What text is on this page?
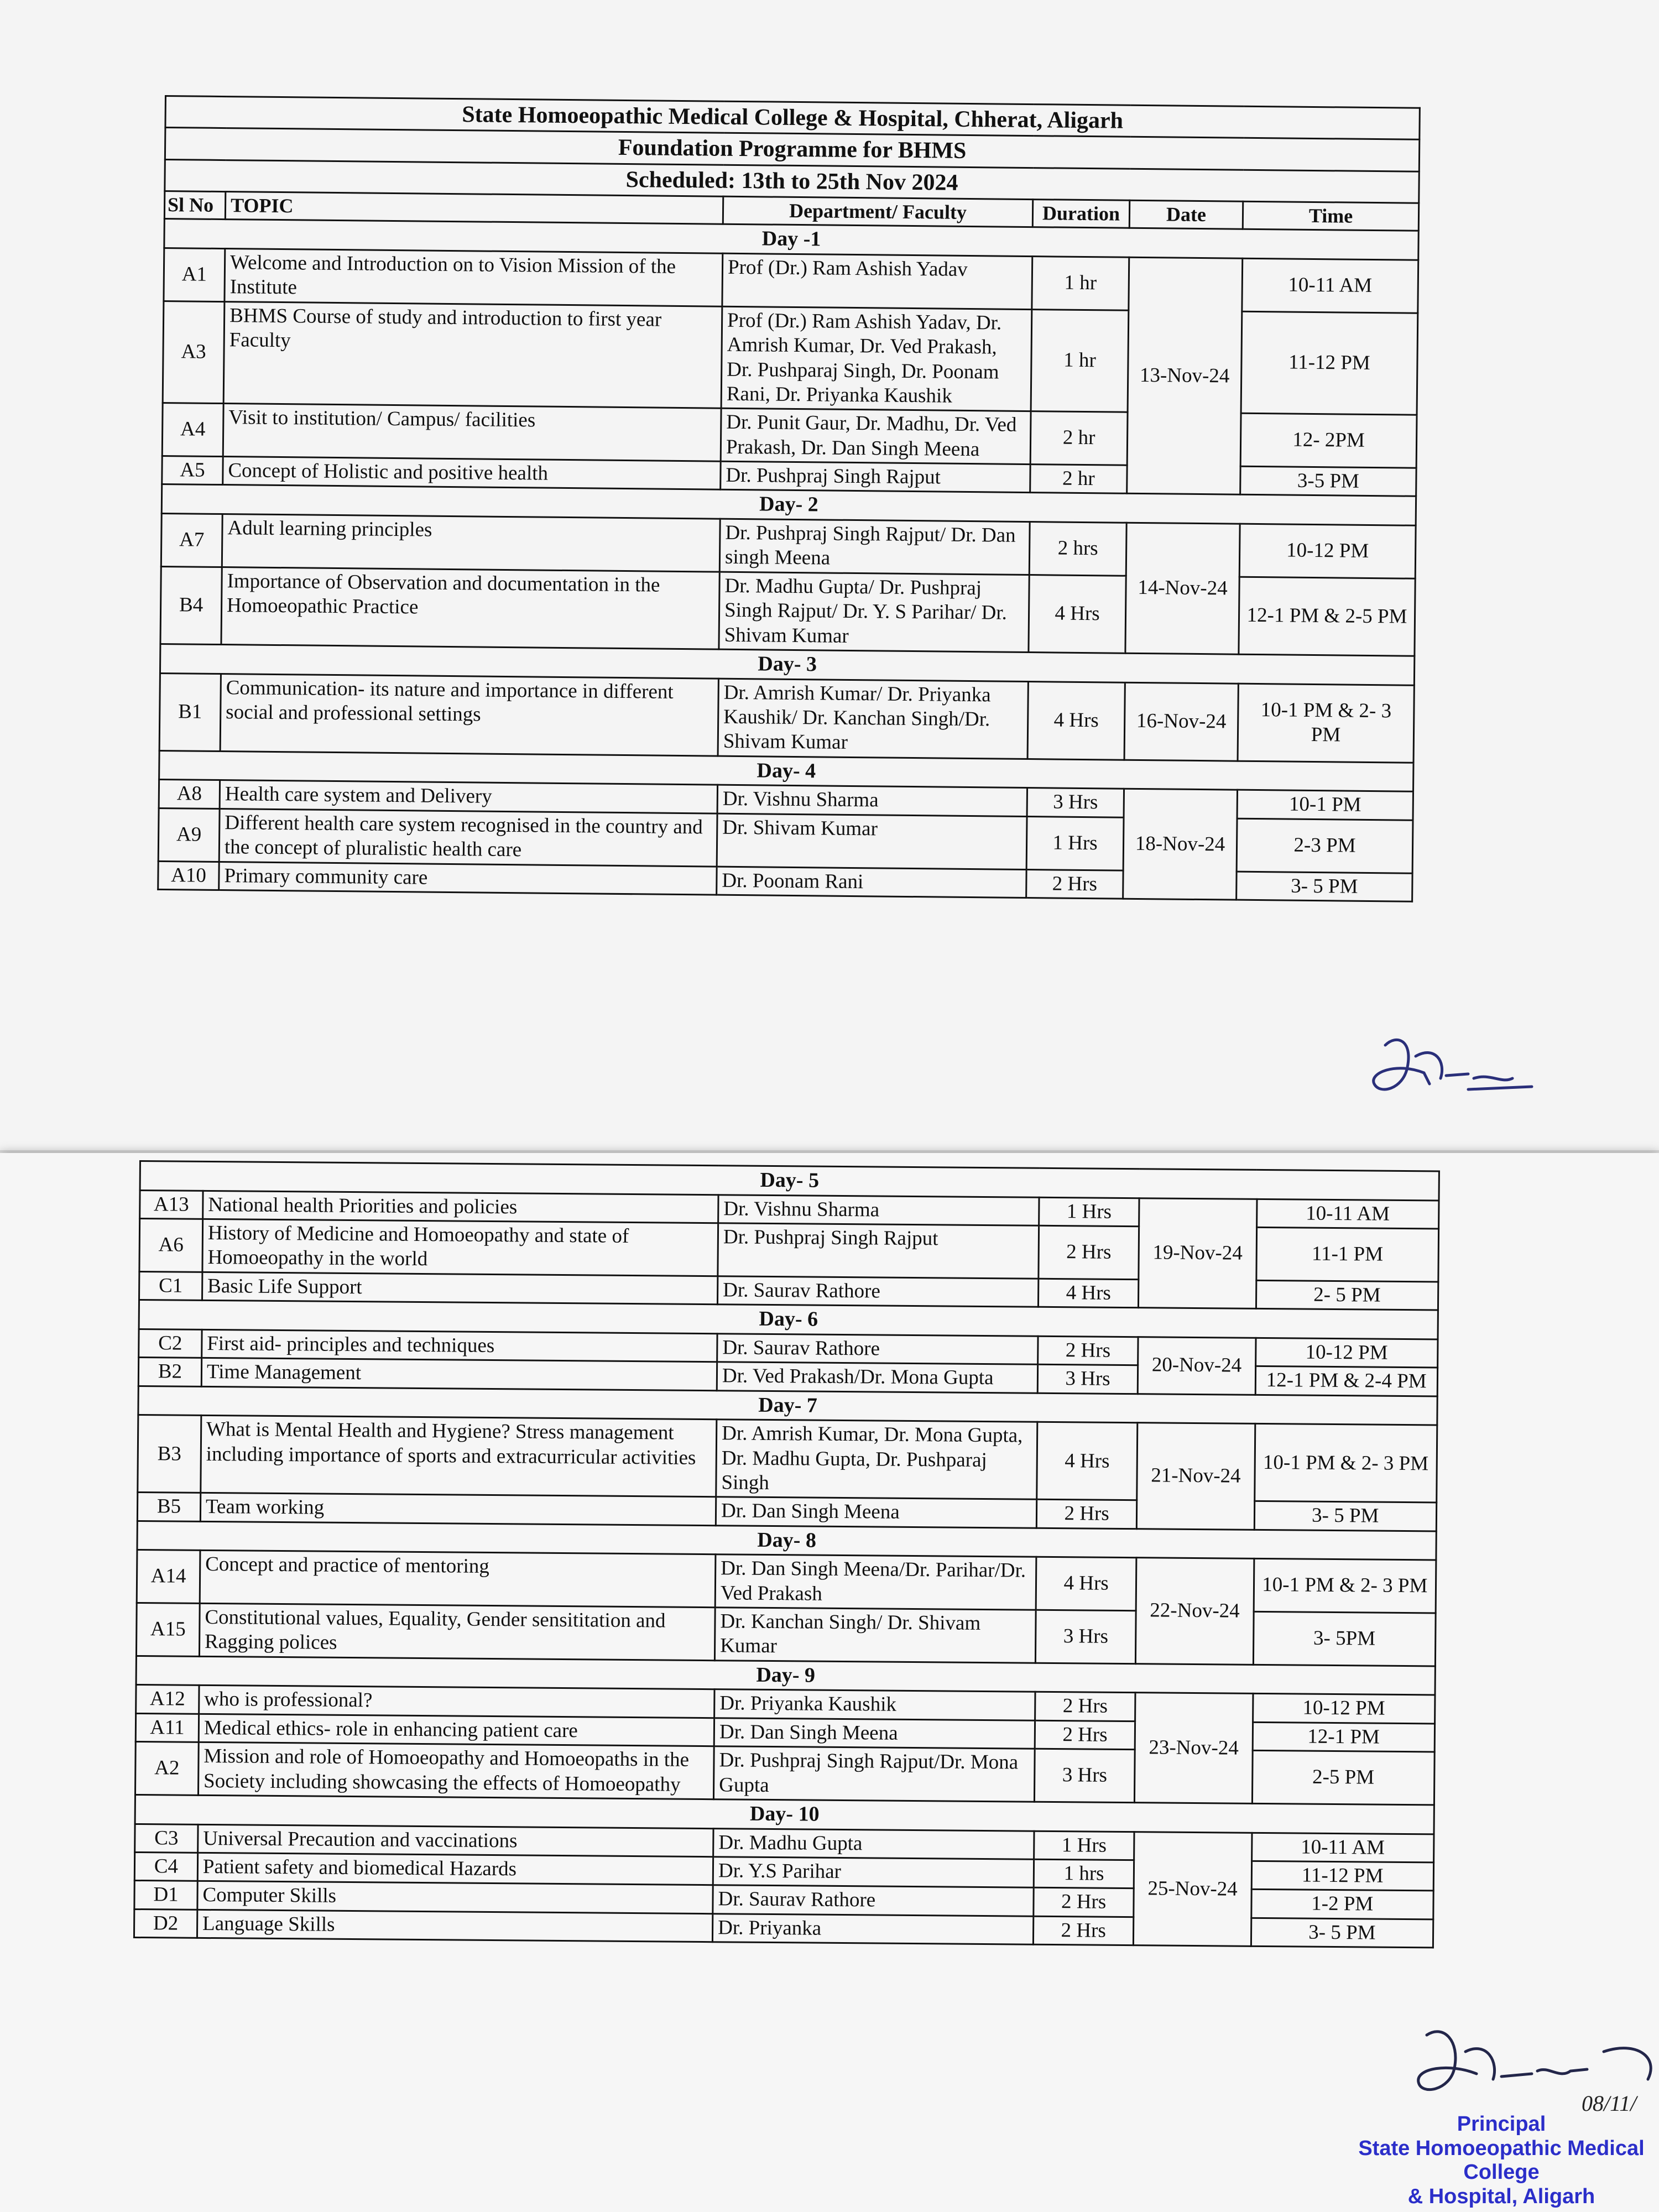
State Homoeopathic Medical College & Hospital, Chherat, Aligarh					
Foundation Programme for BHMS					
Scheduled: 13th to 25th Nov 2024					
Sl No	TOPIC	Department/ Faculty	Duration	Date	Time
Day -1					
A1	Welcome and Introduction on to Vision Mission of the Institute	Prof (Dr.) Ram Ashish Yadav	1 hr	13-Nov-24	10-11 AM
A3	BHMS Course of study and introduction to first year Faculty	Prof (Dr.) Ram Ashish Yadav, Dr. Amrish Kumar, Dr. Ved Prakash, Dr. Pushparaj Singh, Dr. Poonam Rani, Dr. Priyanka Kaushik	1 hr		11-12 PM
A4	Visit to institution/ Campus/ facilities	Dr. Punit Gaur, Dr. Madhu, Dr. Ved Prakash, Dr. Dan Singh Meena	2 hr		12- 2PM
A5	Concept of Holistic and positive health	Dr. Pushpraj Singh Rajput	2 hr		3-5 PM
Day- 2					
A7	Adult learning principles	Dr. Pushpraj Singh Rajput/ Dr. Dan singh Meena	2 hrs	14-Nov-24	10-12 PM
B4	Importance of Observation and documentation in the Homoeopathic Practice	Dr. Madhu Gupta/ Dr. Pushpraj Singh Rajput/ Dr. Y. S Parihar/ Dr. Shivam Kumar	4 Hrs		12-1 PM & 2-5 PM
Day- 3					
B1	Communication- its nature and importance in different social and professional settings	Dr. Amrish Kumar/ Dr. Priyanka Kaushik/ Dr. Kanchan Singh/Dr. Shivam Kumar	4 Hrs	16-Nov-24	10-1 PM & 2- 3 PM
Day- 4					
A8	Health care system and Delivery	Dr. Vishnu Sharma	3 Hrs	18-Nov-24	10-1 PM
A9	Different health care system recognised in the country and the concept of pluralistic health care	Dr. Shivam Kumar	1 Hrs		2-3 PM
A10	Primary community care	Dr. Poonam Rani	2 Hrs		3- 5 PM
Day- 5					
A13	National health Priorities and policies	Dr. Vishnu Sharma	1 Hrs	19-Nov-24	10-11 AM
A6	History of Medicine and Homoeopathy and state of Homoeopathy in the world	Dr. Pushpraj Singh Rajput	2 Hrs		11-1 PM
C1	Basic Life Support	Dr. Saurav Rathore	4 Hrs		2- 5 PM
Day- 6					
C2	First aid- principles and techniques	Dr. Saurav Rathore	2 Hrs	20-Nov-24	10-12 PM
B2	Time Management	Dr. Ved Prakash/Dr. Mona Gupta	3 Hrs		12-1 PM & 2-4 PM
Day- 7					
B3	What is Mental Health and Hygiene? Stress management including importance of sports and extracurricular activities	Dr. Amrish Kumar, Dr. Mona Gupta, Dr. Madhu Gupta, Dr. Pushparaj Singh	4 Hrs	21-Nov-24	10-1 PM & 2- 3 PM
B5	Team working	Dr. Dan Singh Meena	2 Hrs		3- 5 PM
Day- 8					
A14	Concept and practice of mentoring	Dr. Dan Singh Meena/Dr. Parihar/Dr. Ved Prakash	4 Hrs	22-Nov-24	10-1 PM & 2- 3 PM
A15	Constitutional values, Equality, Gender sensititation and Ragging polices	Dr. Kanchan Singh/ Dr. Shivam Kumar	3 Hrs		3- 5PM
Day- 9					
A12	who is professional?	Dr. Priyanka Kaushik	2 Hrs	23-Nov-24	10-12 PM
A11	Medical ethics- role in enhancing patient care	Dr. Dan Singh Meena	2 Hrs		12-1 PM
A2	Mission and role of Homoeopathy and Homoeopaths in the Society including showcasing the effects of Homoeopathy	Dr. Pushpraj Singh Rajput/Dr. Mona Gupta	3 Hrs		2-5 PM
Day- 10					
C3	Universal Precaution and vaccinations	Dr. Madhu Gupta	1 Hrs	25-Nov-24	10-11 AM
C4	Patient safety and biomedical Hazards	Dr. Y.S Parihar	1 hrs		11-12 PM
D1	Computer Skills	Dr. Saurav Rathore	2 Hrs		1-2 PM
D2	Language Skills	Dr. Priyanka	2 Hrs		3- 5 PM
08/11/
Principal
State Homoeopathic Medical College
& Hospital, Aligarh
